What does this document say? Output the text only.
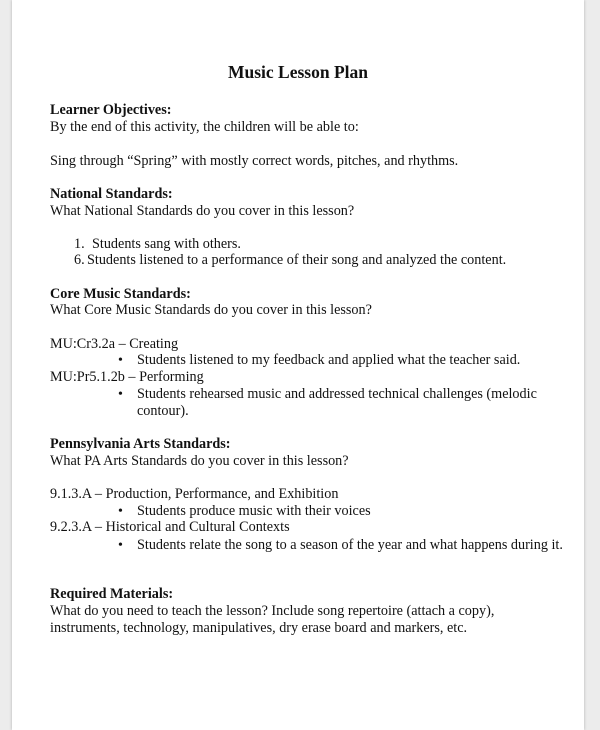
Music Lesson Plan
Learner Objectives:
By the end of this activity, the children will be able to:
Sing through “Spring” with mostly correct words, pitches, and rhythms.
National Standards:
What National Standards do you cover in this lesson?
1. Students sang with others.
6. Students listened to a performance of their song and analyzed the content.
Core Music Standards:
What Core Music Standards do you cover in this lesson?
MU:Cr3.2a – Creating
• Students listened to my feedback and applied what the teacher said.
MU:Pr5.1.2b – Performing
• Students rehearsed music and addressed technical challenges (melodic
contour).
Pennsylvania Arts Standards:
What PA Arts Standards do you cover in this lesson?
9.1.3.A – Production, Performance, and Exhibition
• Students produce music with their voices
9.2.3.A – Historical and Cultural Contexts
• Students relate the song to a season of the year and what happens during it.
Required Materials:
What do you need to teach the lesson? Include song repertoire (attach a copy),
instruments, technology, manipulatives, dry erase board and markers, etc.
